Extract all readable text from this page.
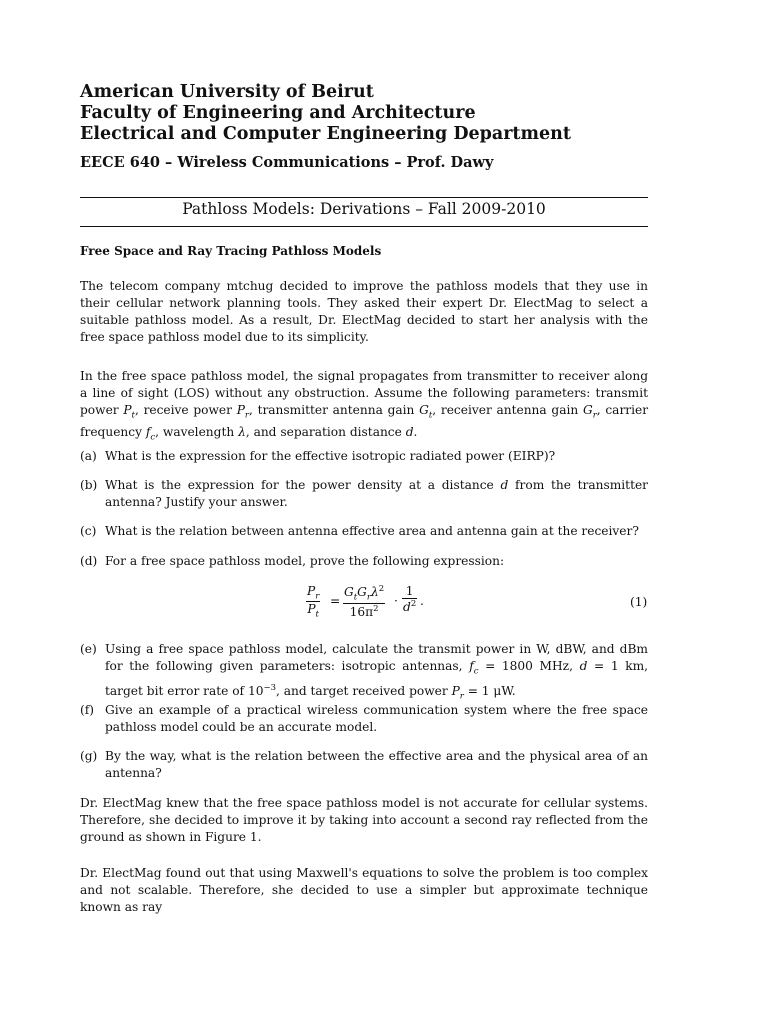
American University of Beirut
Faculty of Engineering and Architecture
Electrical and Computer Engineering Department
EECE 640 – Wireless Communications – Prof. Dawy
Pathloss Models: Derivations – Fall 2009-2010
Free Space and Ray Tracing Pathloss Models
The telecom company mtchug decided to improve the pathloss models that they use in their cellular network planning tools. They asked their expert Dr. ElectMag to select a suitable pathloss model. As a result, Dr. ElectMag decided to start her analysis with the free space pathloss model due to its simplicity.
In the free space pathloss model, the signal propagates from transmitter to receiver along a line of sight (LOS) without any obstruction. Assume the following parameters: transmit power $P_t$, receive power $P_r$, transmitter antenna gain $G_t$, receiver antenna gain $G_r$, carrier frequency $f_c$, wavelength λ, and separation distance d.
(a) What is the expression for the effective isotropic radiated power (EIRP)?
(b) What is the expression for the power density at a distance d from the transmitter antenna? Justify your answer.
(c) What is the relation between antenna effective area and antenna gain at the receiver?
(d) For a free space pathloss model, prove the following expression:
$\frac{P_r}{P_t}$ =
$G_tG_r\lambda^2$
$16\pi^2$
· $\frac{1}{d^2}$ .	(1)
(e) Using a free space pathloss model, calculate the transmit power in W, dBW, and dBm for the following given parameters: isotropic antennas, $f_c = 1800$ MHz, d = 1 km, target bit error rate of $10^{-3}$, and target received power $P_r = 1$ μW.
(f) Give an example of a practical wireless communication system where the free space pathloss model could be an accurate model.
(g) By the way, what is the relation between the effective area and the physical area of an antenna?
Dr. ElectMag knew that the free space pathloss model is not accurate for cellular systems. Therefore, she decided to improve it by taking into account a second ray reflected from the ground as shown in Figure 1.
Dr. ElectMag found out that using Maxwell's equations to solve the problem is too complex and not scalable. Therefore, she decided to use a simpler but approximate technique known as ray
